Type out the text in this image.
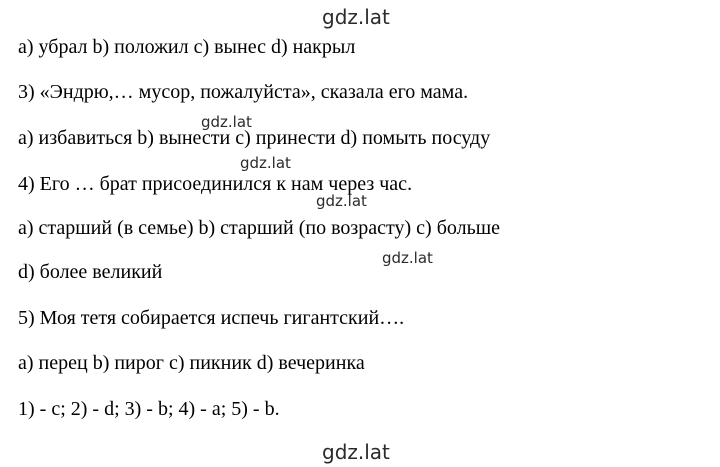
gdz.lat
a) убрал b) положил c) вынес d) накрыл
3) «Эндрю,… мусор, пожалуйста», сказала его мама.
gdz.lat
a) избавиться b) вынести c) принести d) помыть посуду
gdz.lat
4) Его … брат присоединился к нам через час.
gdz.lat
a) старший (в семье) b) старший (по возрасту) c) больше
gdz.lat
d) более великий
5) Моя тетя собирается испечь гигантский….
a) перец b) пирог c) пикник d) вечеринка
1) - c; 2) - d; 3) - b; 4) - a; 5) - b.
gdz.lat
